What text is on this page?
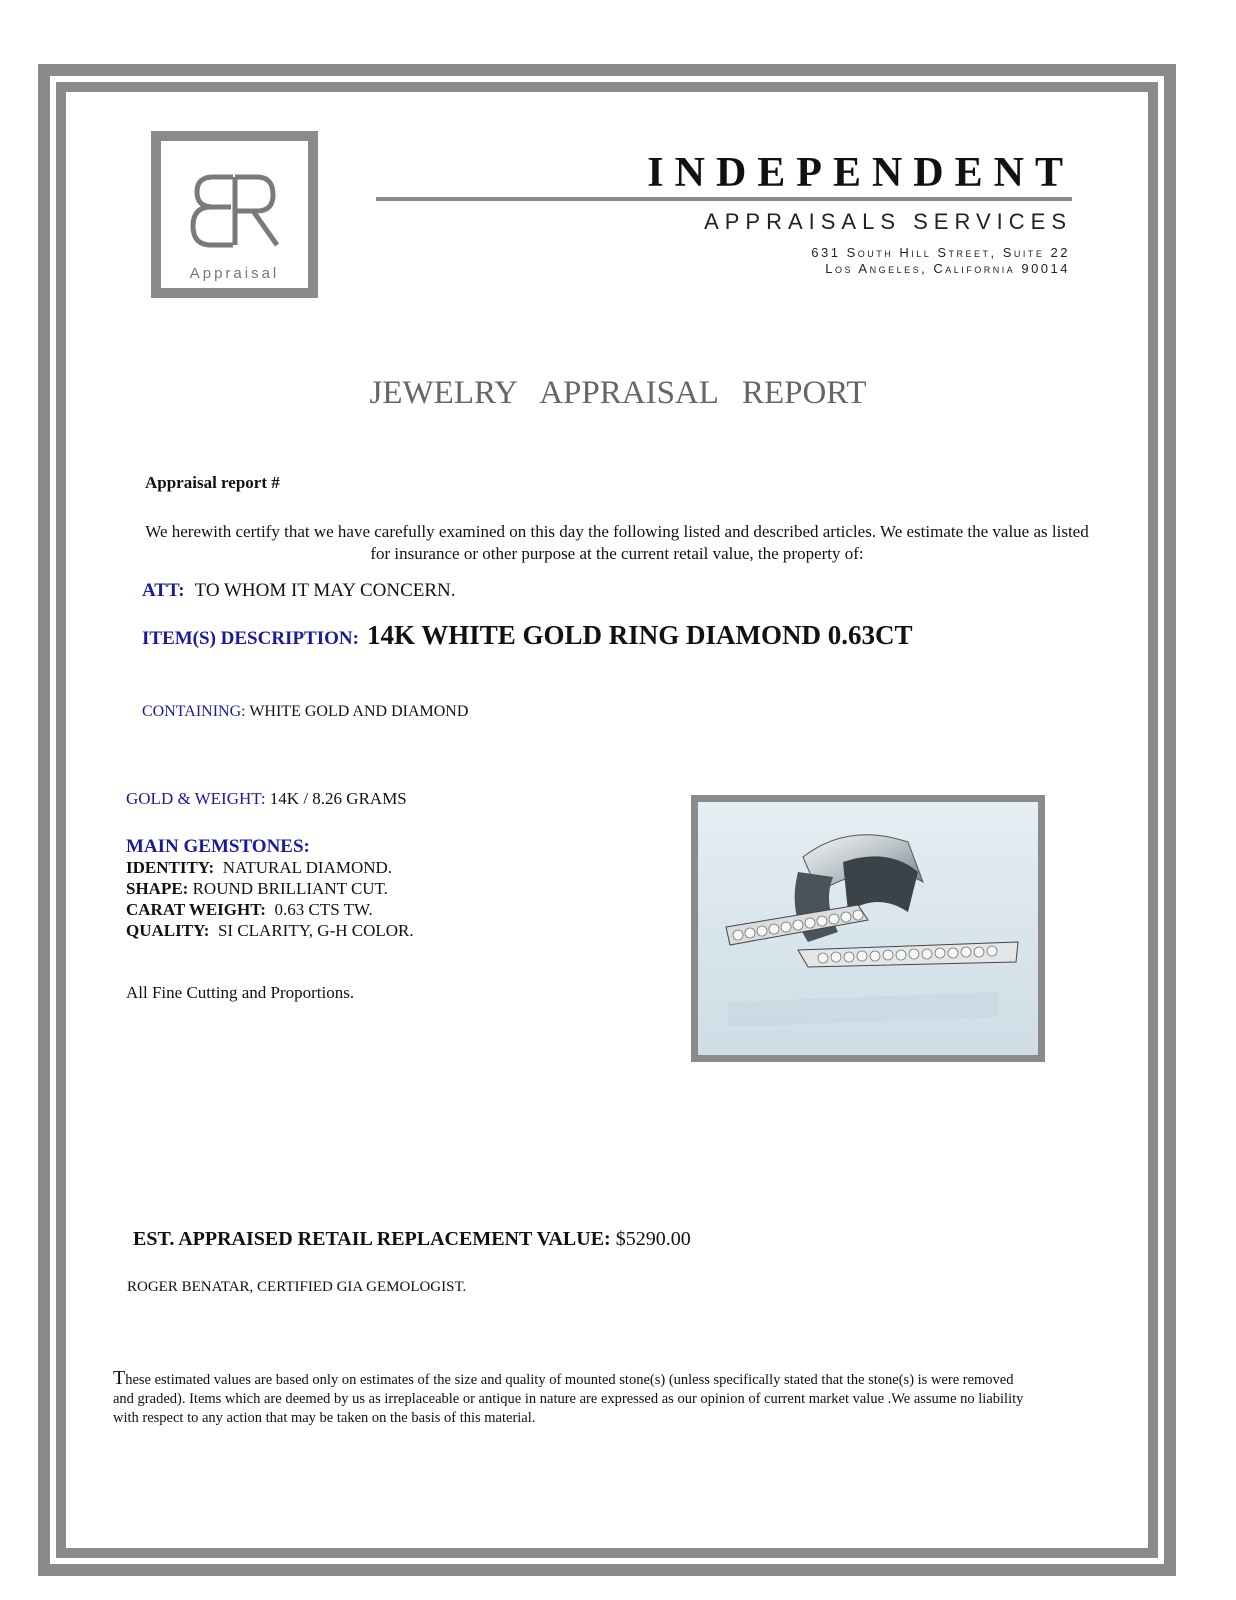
Appraisal
INDEPENDENT
APPRAISALS SERVICES
631 South Hill Street, Suite 22
Los Angeles, California 90014
JEWELRY APPRAISAL REPORT
Appraisal report #
We herewith certify that we have carefully examined on this day the following listed and described articles. We estimate the value as listed for insurance or other purpose at the current retail value, the property of:
ATT: TO WHOM IT MAY CONCERN.
ITEM(S) DESCRIPTION: 14K WHITE GOLD RING DIAMOND 0.63CT
CONTAINING: WHITE GOLD AND DIAMOND
GOLD & WEIGHT: 14K / 8.26 GRAMS
MAIN GEMSTONES:
IDENTITY: NATURAL DIAMOND.
SHAPE: ROUND BRILLIANT CUT.
CARAT WEIGHT: 0.63 CTS TW.
QUALITY: SI CLARITY, G-H COLOR.
All Fine Cutting and Proportions.
EST. APPRAISED RETAIL REPLACEMENT VALUE: $5290.00
ROGER BENATAR, CERTIFIED GIA GEMOLOGIST.
These estimated values are based only on estimates of the size and quality of mounted stone(s) (unless specifically stated that the stone(s) is were removed and graded). Items which are deemed by us as irreplaceable or antique in nature are expressed as our opinion of current market value .We assume no liability with respect to any action that may be taken on the basis of this material.
